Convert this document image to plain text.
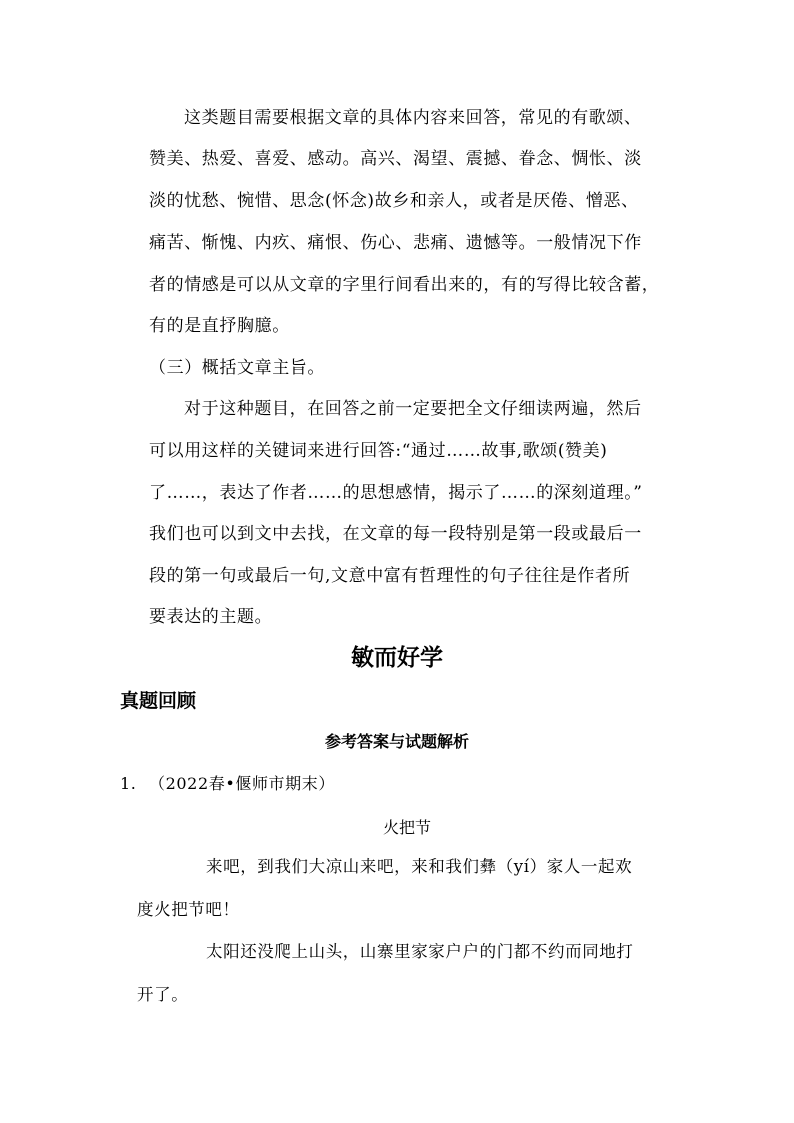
这类题目需要根据文章的具体内容来回答，常见的有歌颂、

赞美、热爱、喜爱、感动。高兴、渴望、震撼、眷念、惆怅、淡

淡的忧愁、惋惜、思念(怀念)故乡和亲人，或者是厌倦、憎恶、

痛苦、惭愧、内疚、痛恨、伤心、悲痛、遗憾等。一般情况下作

者的情感是可以从文章的字里行间看出来的，有的写得比较含蓄，

有的是直抒胸臆。

（三）概括文章主旨。

对于这种题目，在回答之前一定要把全文仔细读两遍，然后

可以用这样的关键词来进行回答:“通过……故事,歌颂(赞美)

了……，表达了作者……的思想感情，揭示了……的深刻道理。”

我们也可以到文中去找，在文章的每一段特别是第一段或最后一

段的第一句或最后一句,文意中富有哲理性的句子往往是作者所

要表达的主题。

敏而好学
真题回顾
参考答案与试题解析

1. （2022春•偃师市期末）

火把节

来吧，到我们大凉山来吧，来和我们彝（yí）家人一起欢

度火把节吧！

太阳还没爬上山头，山寨里家家户户的门都不约而同地打

开了。
